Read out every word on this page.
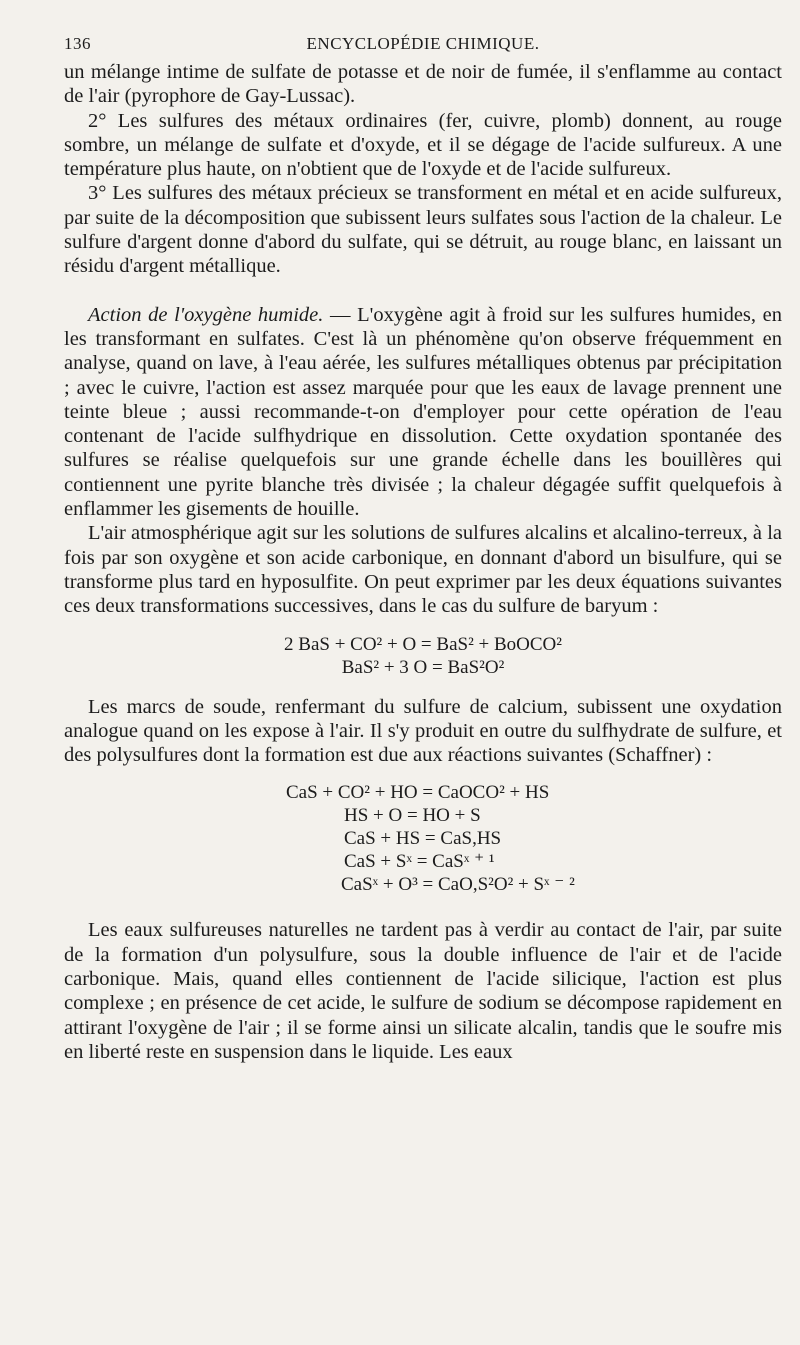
136	ENCYCLOPÉDIE CHIMIQUE.

un mélange intime de sulfate de potasse et de noir de fumée, il s'enflamme au contact de l'air (pyrophore de Gay-Lussac).

2° Les sulfures des métaux ordinaires (fer, cuivre, plomb) donnent, au rouge sombre, un mélange de sulfate et d'oxyde, et il se dégage de l'acide sulfureux. A une température plus haute, on n'obtient que de l'oxyde et de l'acide sulfureux.

3° Les sulfures des métaux précieux se transforment en métal et en acide sulfureux, par suite de la décomposition que subissent leurs sulfates sous l'action de la chaleur. Le sulfure d'argent donne d'abord du sulfate, qui se détruit, au rouge blanc, en laissant un résidu d'argent métallique.

Action de l'oxygène humide. — L'oxygène agit à froid sur les sulfures humides, en les transformant en sulfates. C'est là un phénomène qu'on observe fréquemment en analyse, quand on lave, à l'eau aérée, les sulfures métalliques obtenus par précipitation ; avec le cuivre, l'action est assez marquée pour que les eaux de lavage prennent une teinte bleue ; aussi recommande-t-on d'employer pour cette opération de l'eau contenant de l'acide sulfhydrique en dissolution. Cette oxydation spontanée des sulfures se réalise quelquefois sur une grande échelle dans les bouillères qui contiennent une pyrite blanche très divisée ; la chaleur dégagée suffit quelquefois à enflammer les gisements de houille.

L'air atmosphérique agit sur les solutions de sulfures alcalins et alcalino-terreux, à la fois par son oxygène et son acide carbonique, en donnant d'abord un bisulfure, qui se transforme plus tard en hyposulfite. On peut exprimer par les deux équations suivantes ces deux transformations successives, dans le cas du sulfure de baryum :

2 BaS + CO² + O = BaS² + BoOCO²
BaS² + 3 O = BaS²O²

Les marcs de soude, renfermant du sulfure de calcium, subissent une oxydation analogue quand on les expose à l'air. Il s'y produit en outre du sulfhydrate de sulfure, et des polysulfures dont la formation est due aux réactions suivantes (Schaffner) :

CaS + CO² + HO = CaOCO² + HS
HS + O = HO + S
CaS + HS = CaS,HS
CaS + Sˣ = CaSˣ ⁺ ¹
CaSˣ + O³ = CaO,S²O² + Sˣ ⁻ ²

Les eaux sulfureuses naturelles ne tardent pas à verdir au contact de l'air, par suite de la formation d'un polysulfure, sous la double influence de l'air et de l'acide carbonique. Mais, quand elles contiennent de l'acide silicique, l'action est plus complexe ; en présence de cet acide, le sulfure de sodium se décompose rapidement en attirant l'oxygène de l'air ; il se forme ainsi un silicate alcalin, tandis que le soufre mis en liberté reste en suspension dans le liquide. Les eaux
